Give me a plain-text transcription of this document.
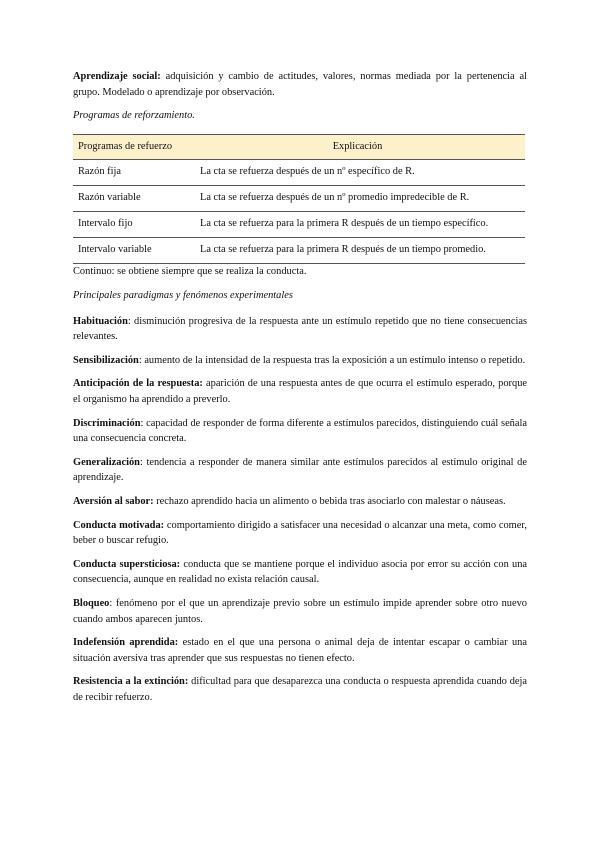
Aprendizaje social: adquisición y cambio de actitudes, valores, normas mediada por la pertenencia al grupo. Modelado o aprendizaje por observación.

Programas de reforzamiento.

Programas de refuerzo	Explicación
Razón fija	La cta se refuerza después de un nº específico de R.
Razón variable	La cta se refuerza después de un nº promedio impredecible de R.
Intervalo fijo	La cta se refuerza para la primera R después de un tiempo específico.
Intervalo variable	La cta se refuerza para la primera R después de un tiempo promedio.

Continuo: se obtiene siempre que se realiza la conducta.

Principales paradigmas y fenómenos experimentales

Habituación: disminución progresiva de la respuesta ante un estímulo repetido que no tiene consecuencias relevantes.

Sensibilización: aumento de la intensidad de la respuesta tras la exposición a un estímulo intenso o repetido.

Anticipación de la respuesta: aparición de una respuesta antes de que ocurra el estímulo esperado, porque el organismo ha aprendido a preverlo.

Discriminación: capacidad de responder de forma diferente a estímulos parecidos, distinguiendo cuál señala una consecuencia concreta.

Generalización: tendencia a responder de manera similar ante estímulos parecidos al estímulo original de aprendizaje.

Aversión al sabor: rechazo aprendido hacia un alimento o bebida tras asociarlo con malestar o náuseas.

Conducta motivada: comportamiento dirigido a satisfacer una necesidad o alcanzar una meta, como comer, beber o buscar refugio.

Conducta supersticiosa: conducta que se mantiene porque el individuo asocia por error su acción con una consecuencia, aunque en realidad no exista relación causal.

Bloqueo: fenómeno por el que un aprendizaje previo sobre un estímulo impide aprender sobre otro nuevo cuando ambos aparecen juntos.

Indefensión aprendida: estado en el que una persona o animal deja de intentar escapar o cambiar una situación aversiva tras aprender que sus respuestas no tienen efecto.

Resistencia a la extinción: dificultad para que desaparezca una conducta o respuesta aprendida cuando deja de recibir refuerzo.
